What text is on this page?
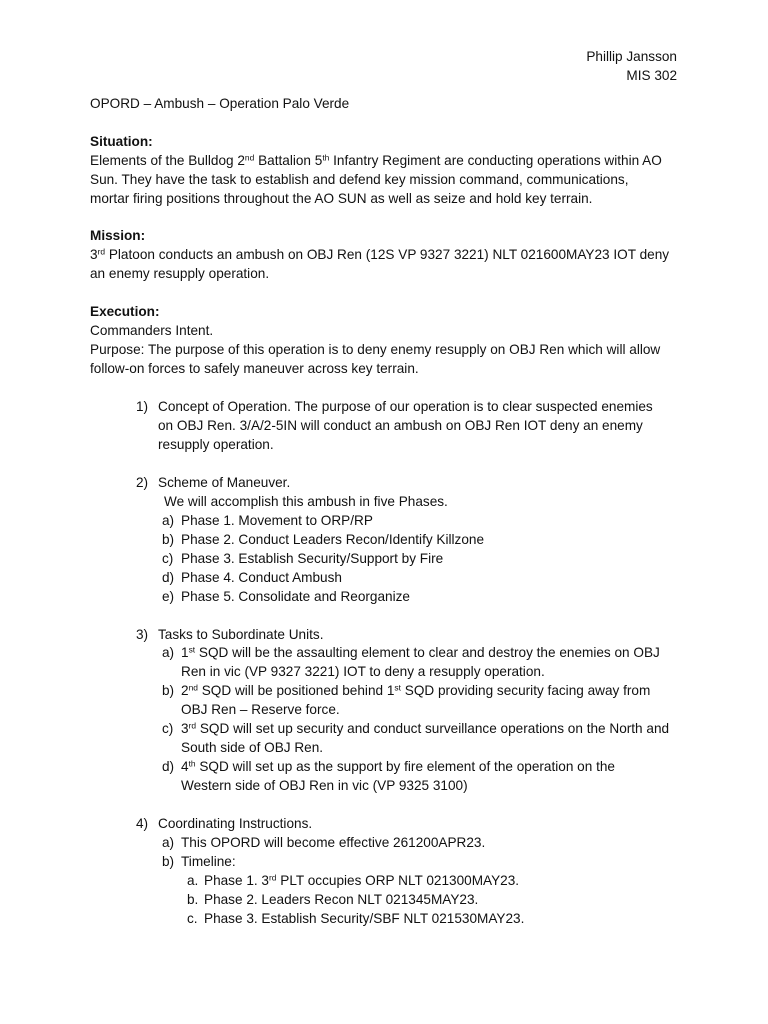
Phillip Jansson
MIS 302
OPORD – Ambush – Operation Palo Verde
Situation:
Elements of the Bulldog 2nd Battalion 5th Infantry Regiment are conducting operations within AO
Sun. They have the task to establish and defend key mission command, communications,
mortar firing positions throughout the AO SUN as well as seize and hold key terrain.
Mission:
3rd Platoon conducts an ambush on OBJ Ren (12S VP 9327 3221) NLT 021600MAY23 IOT deny
an enemy resupply operation.
Execution:
Commanders Intent.
Purpose: The purpose of this operation is to deny enemy resupply on OBJ Ren which will allow
follow-on forces to safely maneuver across key terrain.
1) Concept of Operation. The purpose of our operation is to clear suspected enemies
on OBJ Ren. 3/A/2-5IN will conduct an ambush on OBJ Ren IOT deny an enemy
resupply operation.
2) Scheme of Maneuver.
We will accomplish this ambush in five Phases.
a) Phase 1. Movement to ORP/RP
b) Phase 2. Conduct Leaders Recon/Identify Killzone
c) Phase 3. Establish Security/Support by Fire
d) Phase 4. Conduct Ambush
e) Phase 5. Consolidate and Reorganize
3) Tasks to Subordinate Units.
a) 1st SQD will be the assaulting element to clear and destroy the enemies on OBJ
Ren in vic (VP 9327 3221) IOT to deny a resupply operation.
b) 2nd SQD will be positioned behind 1st SQD providing security facing away from
OBJ Ren – Reserve force.
c) 3rd SQD will set up security and conduct surveillance operations on the North and
South side of OBJ Ren.
d) 4th SQD will set up as the support by fire element of the operation on the
Western side of OBJ Ren in vic (VP 9325 3100)
4) Coordinating Instructions.
a) This OPORD will become effective 261200APR23.
b) Timeline:
a. Phase 1. 3rd PLT occupies ORP NLT 021300MAY23.
b. Phase 2. Leaders Recon NLT 021345MAY23.
c. Phase 3. Establish Security/SBF NLT 021530MAY23.
